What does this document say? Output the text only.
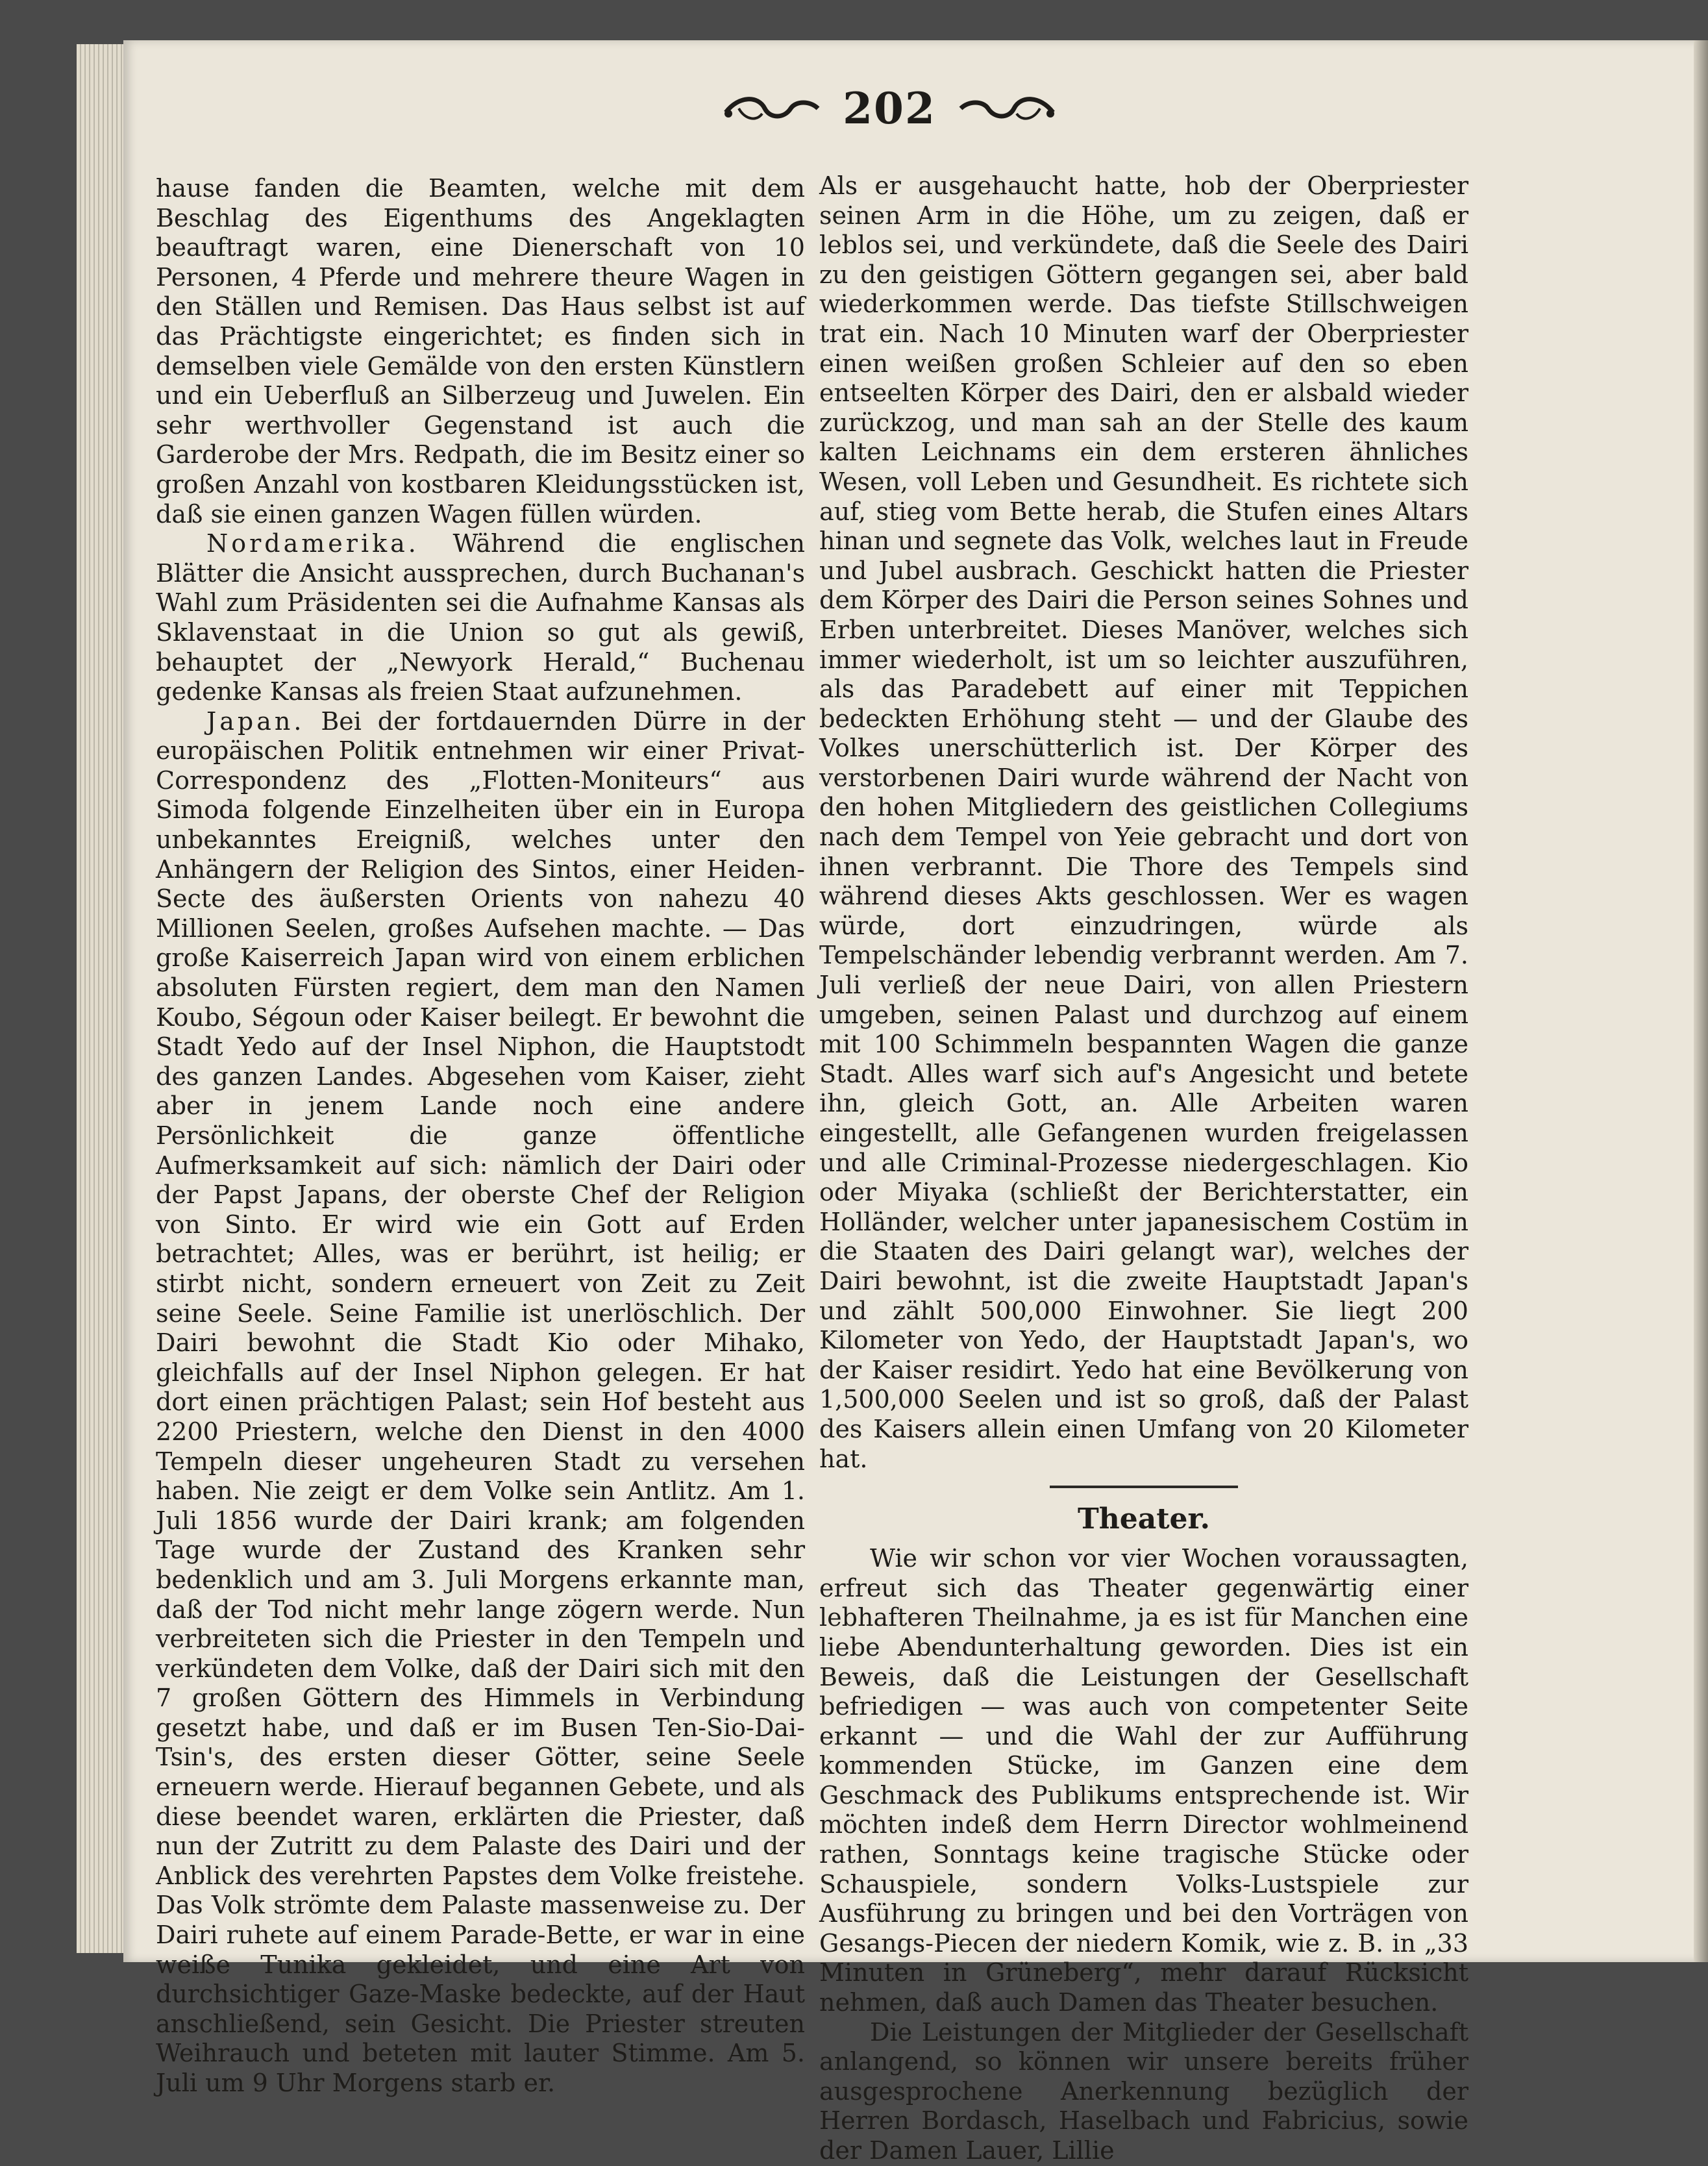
202

hause fanden die Beamten, welche mit dem Beschlag des Eigenthums des Angeklagten beauftragt waren, eine Dienerschaft von 10 Personen, 4 Pferde und mehrere theure Wagen in den Ställen und Remisen. Das Haus selbst ist auf das Prächtigste eingerichtet; es finden sich in demselben viele Gemälde von den ersten Künstlern und ein Ueberfluß an Silberzeug und Juwelen. Ein sehr werthvoller Gegenstand ist auch die Garderobe der Mrs. Redpath, die im Besitz einer so großen Anzahl von kostbaren Kleidungsstücken ist, daß sie einen ganzen Wagen füllen würden.

Nordamerika. Während die englischen Blätter die Ansicht aussprechen, durch Buchanan's Wahl zum Präsidenten sei die Aufnahme Kansas als Sklavenstaat in die Union so gut als gewiß, behauptet der „Newyork Herald,“ Buchenau gedenke Kansas als freien Staat aufzunehmen.

Japan. Bei der fortdauernden Dürre in der europäischen Politik entnehmen wir einer Privat-Correspondenz des „Flotten-Moniteurs“ aus Simoda folgende Einzelheiten über ein in Europa unbekanntes Ereigniß, welches unter den Anhängern der Religion des Sintos, einer Heiden-Secte des äußersten Orients von nahezu 40 Millionen Seelen, großes Aufsehen machte. — Das große Kaiserreich Japan wird von einem erblichen absoluten Fürsten regiert, dem man den Namen Koubo, Ségoun oder Kaiser beilegt. Er bewohnt die Stadt Yedo auf der Insel Niphon, die Hauptstodt des ganzen Landes. Abgesehen vom Kaiser, zieht aber in jenem Lande noch eine andere Persönlichkeit die ganze öffentliche Aufmerksamkeit auf sich: nämlich der Dairi oder der Papst Japans, der oberste Chef der Religion von Sinto. Er wird wie ein Gott auf Erden betrachtet; Alles, was er berührt, ist heilig; er stirbt nicht, sondern erneuert von Zeit zu Zeit seine Seele. Seine Familie ist unerlöschlich. Der Dairi bewohnt die Stadt Kio oder Mihako, gleichfalls auf der Insel Niphon gelegen. Er hat dort einen prächtigen Palast; sein Hof besteht aus 2200 Priestern, welche den Dienst in den 4000 Tempeln dieser ungeheuren Stadt zu versehen haben. Nie zeigt er dem Volke sein Antlitz. Am 1. Juli 1856 wurde der Dairi krank; am folgenden Tage wurde der Zustand des Kranken sehr bedenklich und am 3. Juli Morgens erkannte man, daß der Tod nicht mehr lange zögern werde. Nun verbreiteten sich die Priester in den Tempeln und verkündeten dem Volke, daß der Dairi sich mit den 7 großen Göttern des Himmels in Verbindung gesetzt habe, und daß er im Busen Ten-Sio-Dai-Tsin's, des ersten dieser Götter, seine Seele erneuern werde. Hierauf begannen Gebete, und als diese beendet waren, erklärten die Priester, daß nun der Zutritt zu dem Palaste des Dairi und der Anblick des verehrten Papstes dem Volke freistehe. Das Volk strömte dem Palaste massenweise zu. Der Dairi ruhete auf einem Parade-Bette, er war in eine weiße Tunika gekleidet, und eine Art von durchsichtiger Gaze-Maske bedeckte, auf der Haut anschließend, sein Gesicht. Die Priester streuten Weihrauch und beteten mit lauter Stimme. Am 5. Juli um 9 Uhr Morgens starb er.

Als er ausgehaucht hatte, hob der Oberpriester seinen Arm in die Höhe, um zu zeigen, daß er leblos sei, und verkündete, daß die Seele des Dairi zu den geistigen Göttern gegangen sei, aber bald wiederkommen werde. Das tiefste Stillschweigen trat ein. Nach 10 Minuten warf der Oberpriester einen weißen großen Schleier auf den so eben entseelten Körper des Dairi, den er alsbald wieder zurückzog, und man sah an der Stelle des kaum kalten Leichnams ein dem ersteren ähnliches Wesen, voll Leben und Gesundheit. Es richtete sich auf, stieg vom Bette herab, die Stufen eines Altars hinan und segnete das Volk, welches laut in Freude und Jubel ausbrach. Geschickt hatten die Priester dem Körper des Dairi die Person seines Sohnes und Erben unterbreitet. Dieses Manöver, welches sich immer wiederholt, ist um so leichter auszuführen, als das Paradebett auf einer mit Teppichen bedeckten Erhöhung steht — und der Glaube des Volkes unerschütterlich ist. Der Körper des verstorbenen Dairi wurde während der Nacht von den hohen Mitgliedern des geistlichen Collegiums nach dem Tempel von Yeie gebracht und dort von ihnen verbrannt. Die Thore des Tempels sind während dieses Akts geschlossen. Wer es wagen würde, dort einzudringen, würde als Tempelschänder lebendig verbrannt werden. Am 7. Juli verließ der neue Dairi, von allen Priestern umgeben, seinen Palast und durchzog auf einem mit 100 Schimmeln bespannten Wagen die ganze Stadt. Alles warf sich auf's Angesicht und betete ihn, gleich Gott, an. Alle Arbeiten waren eingestellt, alle Gefangenen wurden freigelassen und alle Criminal-Prozesse niedergeschlagen. Kio oder Miyaka (schließt der Berichterstatter, ein Holländer, welcher unter japanesischem Costüm in die Staaten des Dairi gelangt war), welches der Dairi bewohnt, ist die zweite Hauptstadt Japan's und zählt 500,000 Einwohner. Sie liegt 200 Kilometer von Yedo, der Hauptstadt Japan's, wo der Kaiser residirt. Yedo hat eine Bevölkerung von 1,500,000 Seelen und ist so groß, daß der Palast des Kaisers allein einen Umfang von 20 Kilometer hat.

Theater.

Wie wir schon vor vier Wochen voraussagten, erfreut sich das Theater gegenwärtig einer lebhafteren Theilnahme, ja es ist für Manchen eine liebe Abendunterhaltung geworden. Dies ist ein Beweis, daß die Leistungen der Gesellschaft befriedigen — was auch von competenter Seite erkannt — und die Wahl der zur Aufführung kommenden Stücke, im Ganzen eine dem Geschmack des Publikums entsprechende ist. Wir möchten indeß dem Herrn Director wohlmeinend rathen, Sonntags keine tragische Stücke oder Schauspiele, sondern Volks-Lustspiele zur Ausführung zu bringen und bei den Vorträgen von Gesangs-Piecen der niedern Komik, wie z. B. in „33 Minuten in Grüneberg“, mehr darauf Rücksicht nehmen, daß auch Damen das Theater besuchen.

Die Leistungen der Mitglieder der Gesellschaft anlangend, so können wir unsere bereits früher ausgesprochene Anerkennung bezüglich der Herren Bordasch, Haselbach und Fabricius, sowie der Damen Lauer, Lillie
